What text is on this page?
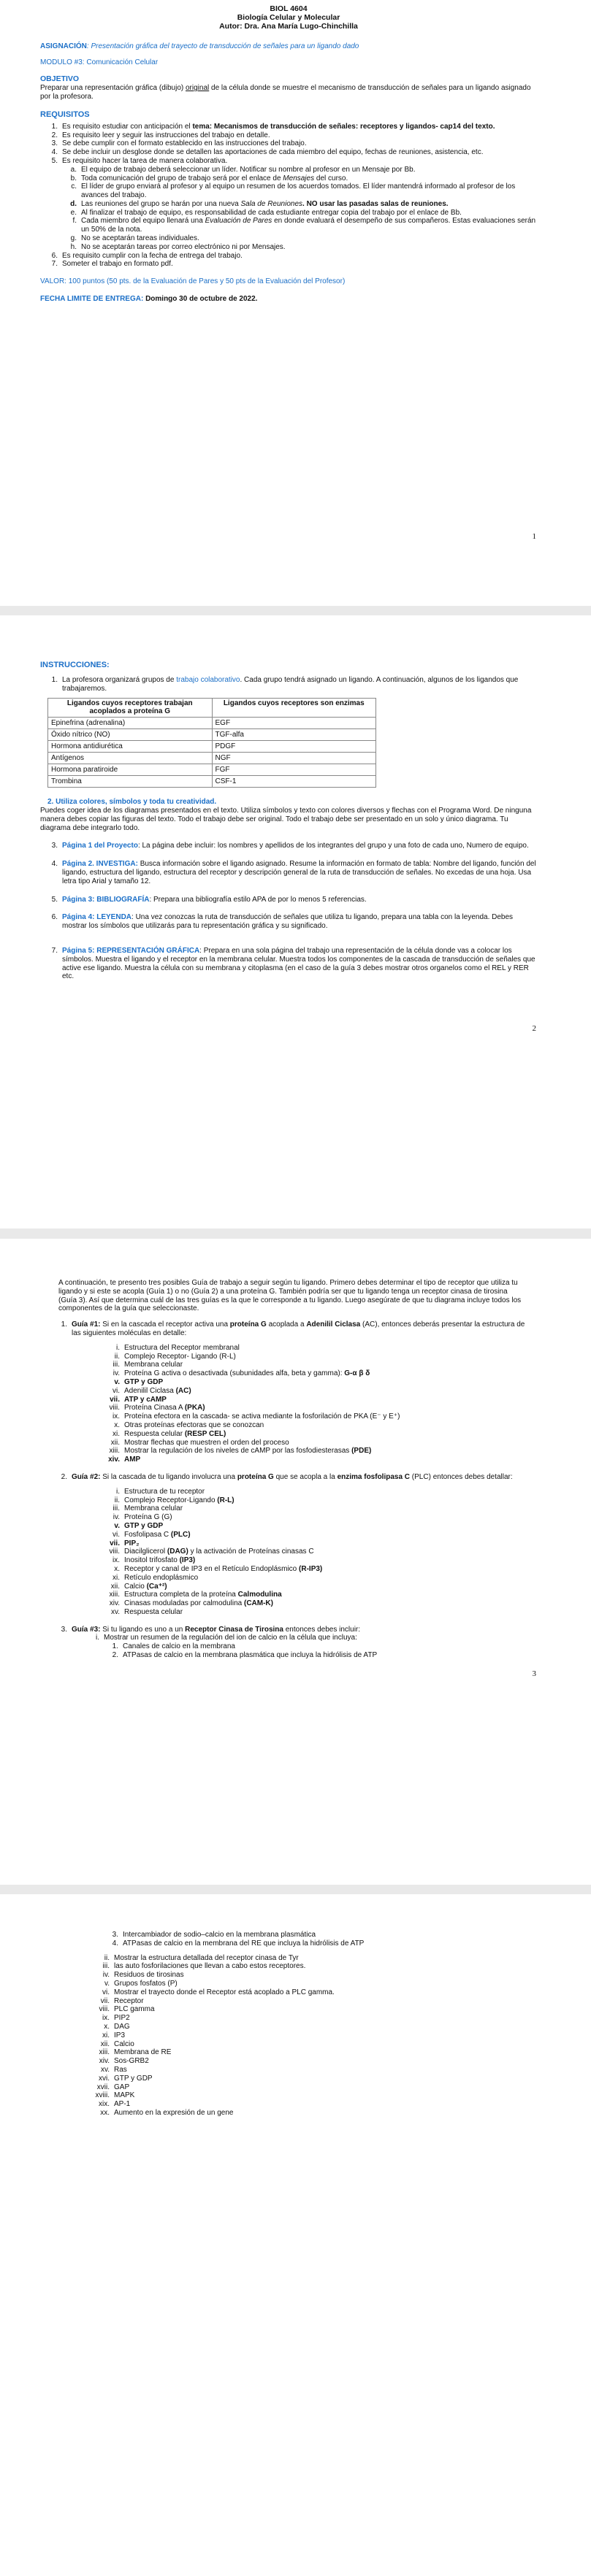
BIOL 4604
Biología Celular y Molecular
Autor: Dra. Ana María Lugo-Chinchilla

ASIGNACIÓN: Presentación gráfica del trayecto de transducción de señales para un ligando dado

MODULO #3: Comunicación Celular

OBJETIVO

Preparar una representación gráfica (dibujo) original de la célula donde se muestre el mecanismo de transducción de señales para un ligando asignado por la profesora.

REQUISITOS
1. Es requisito estudiar con anticipación el tema: Mecanismos de transducción de señales: receptores y ligandos- cap14 del texto.
2. Es requisito leer y seguir las instrucciones del trabajo en detalle.
3. Se debe cumplir con el formato establecido en las instrucciones del trabajo.
4. Se debe incluir un desglose donde se detallen las aportaciones de cada miembro del equipo, fechas de reuniones, asistencia, etc.
5. Es requisito hacer la tarea de manera colaborativa.
a. El equipo de trabajo deberá seleccionar un líder. Notificar su nombre al profesor en un Mensaje por Bb.
b. Toda comunicación del grupo de trabajo será por el enlace de Mensajes del curso.
c. El líder de grupo enviará al profesor y al equipo un resumen de los acuerdos tomados. El líder mantendrá informado al profesor de los avances del trabajo.
d. Las reuniones del grupo se harán por una nueva Sala de Reuniones. NO usar las pasadas salas de reuniones.
e. Al finalizar el trabajo de equipo, es responsabilidad de cada estudiante entregar copia del trabajo por el enlace de Bb.
f. Cada miembro del equipo llenará una Evaluación de Pares en donde evaluará el desempeño de sus compañeros. Estas evaluaciones serán un 50% de la nota.
g. No se aceptarán tareas individuales.
h. No se aceptarán tareas por correo electrónico ni por Mensajes.
6. Es requisito cumplir con la fecha de entrega del trabajo.
7. Someter el trabajo en formato pdf.

VALOR: 100 puntos (50 pts. de la Evaluación de Pares y 50 pts de la Evaluación del Profesor)

FECHA LIMITE DE ENTREGA: Domingo 30 de octubre de 2022.

1
INSTRUCCIONES:
1. La profesora organizará grupos de trabajo colaborativo. Cada grupo tendrá asignado un ligando. A continuación, algunos de los ligandos que trabajaremos.
Ligandos cuyos receptores trabajan acoplados a proteína G	Ligandos cuyos receptores son enzimas
Epinefrina (adrenalina)	EGF
Óxido nítrico (NO)	TGF-alfa
Hormona antidiurética	PDGF
Antígenos	NGF
Hormona paratiroide	FGF
Trombina	CSF-1
2. Utiliza colores, símbolos y toda tu creatividad.

Puedes coger idea de los diagramas presentados en el texto. Utiliza símbolos y texto con colores diversos y flechas con el Programa Word. De ninguna manera debes copiar las figuras del texto. Todo el trabajo debe ser original. Todo el trabajo debe ser presentado en un solo y único diagrama. Tu diagrama debe integrarlo todo.

3. Página 1 del Proyecto: La página debe incluir: los nombres y apellidos de los integrantes del grupo y una foto de cada uno, Numero de equipo.
4. Página 2. INVESTIGA: Busca información sobre el ligando asignado. Resume la información en formato de tabla: Nombre del ligando, función del ligando, estructura del ligando, estructura del receptor y descripción general de la ruta de transducción de señales. No excedas de una hoja. Usa letra tipo Arial y tamaño 12.
5. Página 3: BIBLIOGRAFÍA: Prepara una bibliografía estilo APA de por lo menos 5 referencias.
6. Página 4: LEYENDA: Una vez conozcas la ruta de transducción de señales que utiliza tu ligando, prepara una tabla con la leyenda. Debes mostrar los símbolos que utilizarás para tu representación gráfica y su significado.
7. Página 5: REPRESENTACIÓN GRÁFICA: Prepara en una sola página del trabajo una representación de la célula donde vas a colocar los símbolos. Muestra el ligando y el receptor en la membrana celular. Muestra todos los componentes de la cascada de transducción de señales que active ese ligando. Muestra la célula con su membrana y citoplasma (en el caso de la guía 3 debes mostrar otros organelos como el REL y RER etc.
2

A continuación, te presento tres posibles Guía de trabajo a seguir según tu ligando. Primero debes determinar el tipo de receptor que utiliza tu ligando y si este se acopla (Guía 1) o no (Guía 2) a una proteína G. También podría ser que tu ligando tenga un receptor cinasa de tirosina (Guía 3). Así que determina cuál de las tres guías es la que le corresponde a tu ligando. Luego asegúrate de que tu diagrama incluye todos los componentes de la guía que seleccionaste.

1. Guía #1: Si en la cascada el receptor activa una proteína G acoplada a Adenilil Ciclasa (AC), entonces deberás presentar la estructura de las siguientes moléculas en detalle:
i. Estructura del Receptor membranal
ii. Complejo Receptor- Ligando (R-L)
iii. Membrana celular
iv. Proteína G activa o desactivada (subunidades alfa, beta y gamma): G-α β δ
v. GTP y GDP
vi. Adenilil Ciclasa (AC)
vii. ATP y cAMP
viii. Proteína Cinasa A (PKA)
ix. Proteína efectora en la cascada- se activa mediante la fosforilación de PKA (E⁻ y E⁺)
x. Otras proteínas efectoras que se conozcan
xi. Respuesta celular (RESP CEL)
xii. Mostrar flechas que muestren el orden del proceso
xiii. Mostrar la regulación de los niveles de cAMP por las fosfodiesterasas (PDE)
xiv. AMP
2. Guía #2: Si la cascada de tu ligando involucra una proteína G que se acopla a la enzima fosfolipasa C (PLC) entonces debes detallar:
i. Estructura de tu receptor
ii. Complejo Receptor-Ligando (R-L)
iii. Membrana celular
iv. Proteína G (G)
v. GTP y GDP
vi. Fosfolipasa C (PLC)
vii. PIP₂
viii. Diacilglicerol (DAG) y la activación de Proteínas cinasas C
ix. Inositol trifosfato (IP3)
x. Receptor y canal de IP3 en el Retículo Endoplásmico (R-IP3)
xi. Retículo endoplásmico
xii. Calcio (Ca⁺²)
xiii. Estructura completa de la proteína Calmodulina
xiv. Cinasas moduladas por calmodulina (CAM-K)
xv. Respuesta celular
3. Guía #3: Si tu ligando es uno a un Receptor Cinasa de Tirosina entonces debes incluir:
i. Mostrar un resumen de la regulación del ion de calcio en la célula que incluya:
1. Canales de calcio en la membrana
2. ATPasas de calcio en la membrana plasmática que incluya la hidrólisis de ATP
3
3. Intercambiador de sodio–calcio en la membrana plasmática
4. ATPasas de calcio en la membrana del RE que incluya la hidrólisis de ATP
ii. Mostrar la estructura detallada del receptor cinasa de Tyr
iii. las auto fosforilaciones que llevan a cabo estos receptores.
iv. Residuos de tirosinas
v. Grupos fosfatos (P)
vi. Mostrar el trayecto donde el Receptor está acoplado a PLC gamma.
vii. Receptor
viii. PLC gamma
ix. PIP2
x. DAG
xi. IP3
xii. Calcio
xiii. Membrana de RE
xiv. Sos-GRB2
xv. Ras
xvi. GTP y GDP
xvii. GAP
xviii. MAPK
xix. AP-1
xx. Aumento en la expresión de un gene
